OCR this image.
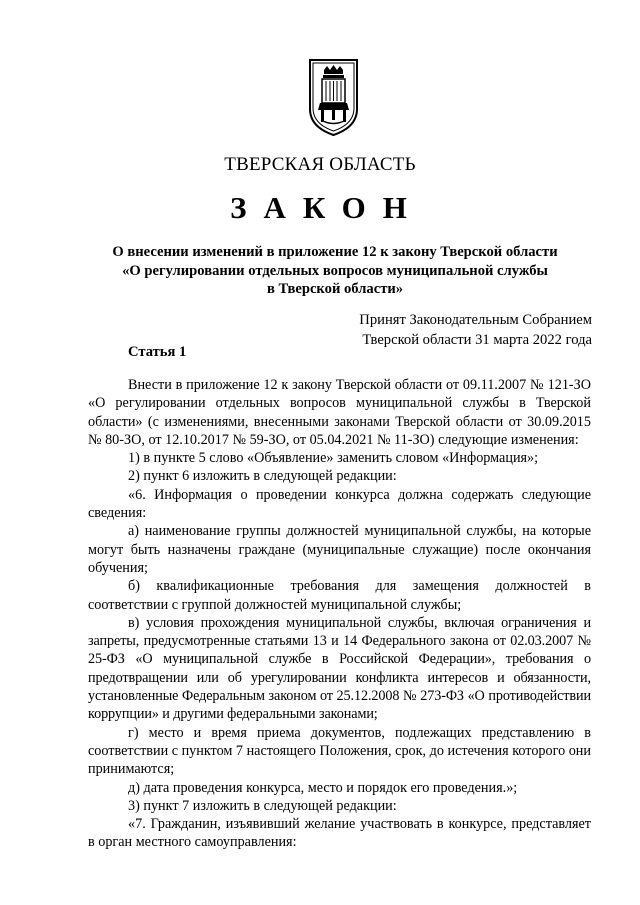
ТВЕРСКАЯ ОБЛАСТЬ
ЗАКОН
О внесении изменений в приложение 12 к закону Тверской области
«О регулировании отдельных вопросов муниципальной службы
в Тверской области»
Принят Законодательным Собранием
Тверской области 31 марта 2022 года
Статья 1

Внести в приложение 12 к закону Тверской области от 09.11.2007 № 121-ЗО «О регулировании отдельных вопросов муниципальной службы в Тверской области» (с изменениями, внесенными законами Тверской области от 30.09.2015 № 80-ЗО, от 12.10.2017 № 59-ЗО, от 05.04.2021 № 11-ЗО) следующие изменения:

1) в пункте 5 слово «Объявление» заменить словом «Информация»;

2) пункт 6 изложить в следующей редакции:

«6. Информация о проведении конкурса должна содержать следующие сведения:

а) наименование группы должностей муниципальной службы, на которые могут быть назначены граждане (муниципальные служащие) после окончания обучения;

б) квалификационные требования для замещения должностей в соответствии с группой должностей муниципальной службы;

в) условия прохождения муниципальной службы, включая ограничения и запреты, предусмотренные статьями 13 и 14 Федерального закона от 02.03.2007 № 25-ФЗ «О муниципальной службе в Российской Федерации», требования о предотвращении или об урегулировании конфликта интересов и обязанности, установленные Федеральным законом от 25.12.2008 № 273-ФЗ «О противодействии коррупции» и другими федеральными законами;

г) место и время приема документов, подлежащих представлению в соответствии с пунктом 7 настоящего Положения, срок, до истечения которого они принимаются;

д) дата проведения конкурса, место и порядок его проведения.»;

3) пункт 7 изложить в следующей редакции:

«7. Гражданин, изъявивший желание участвовать в конкурсе, представляет в орган местного самоуправления:
